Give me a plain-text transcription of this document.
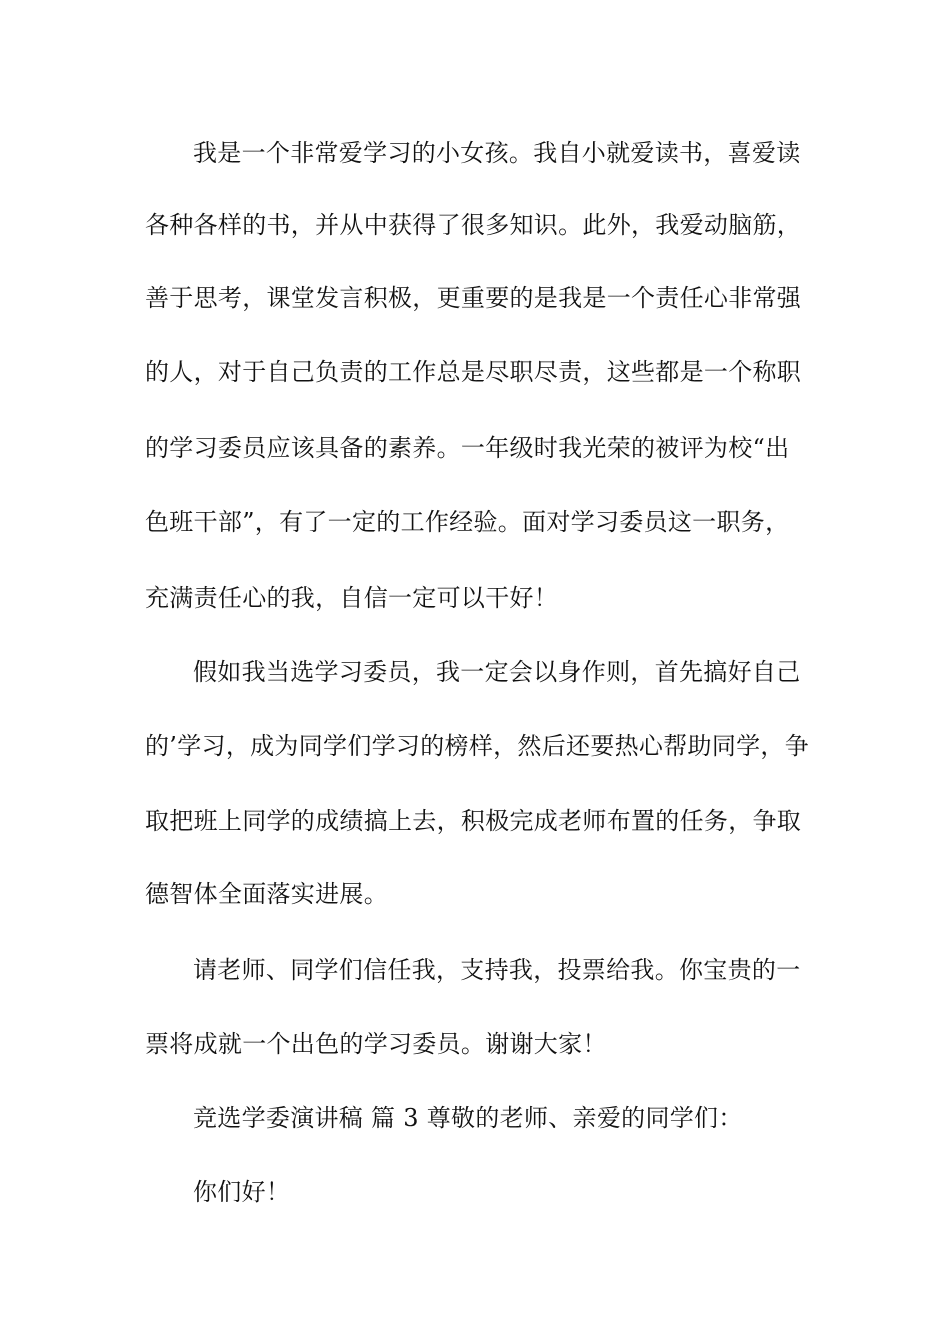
我是一个非常爱学习的小女孩。我自小就爱读书，喜爱读
各种各样的书，并从中获得了很多知识。此外，我爱动脑筋，
善于思考，课堂发言积极，更重要的是我是一个责任心非常强
的人，对于自己负责的工作总是尽职尽责，这些都是一个称职
的学习委员应该具备的素养。一年级时我光荣的被评为校“出
色班干部”，有了一定的工作经验。面对学习委员这一职务，
充满责任心的我，自信一定可以干好！
假如我当选学习委员，我一定会以身作则，首先搞好自己
的’学习，成为同学们学习的榜样，然后还要热心帮助同学，争
取把班上同学的成绩搞上去，积极完成老师布置的任务，争取
德智体全面落实进展。
请老师、同学们信任我，支持我，投票给我。你宝贵的一
票将成就一个出色的学习委员。谢谢大家！
竞选学委演讲稿 篇 3 尊敬的老师、亲爱的同学们：
你们好！
